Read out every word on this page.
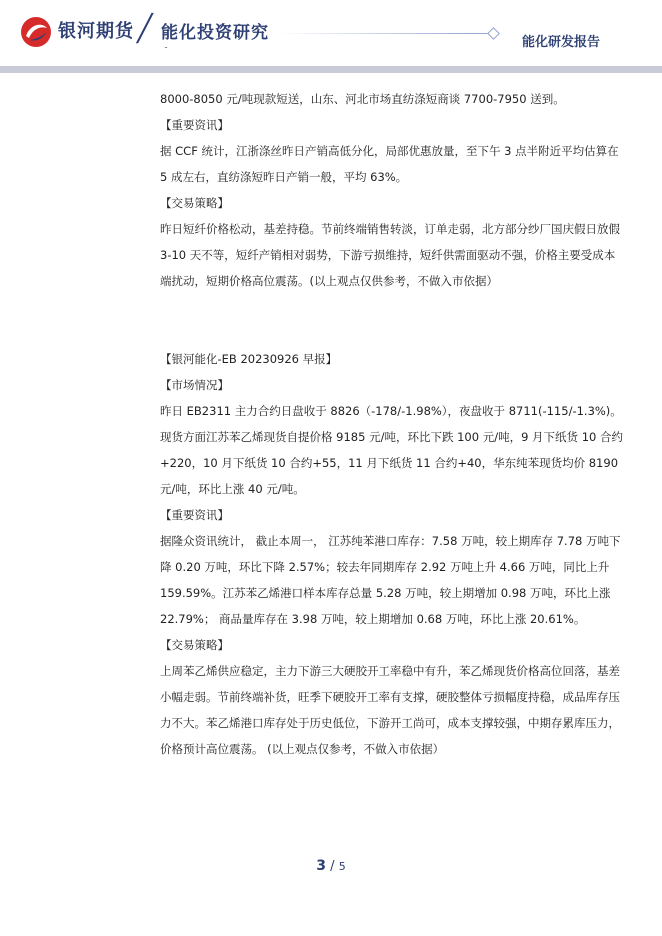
银河期货 ╱ 能化投资研究	能化研发报告
ˉ

8000-8050 元/吨现款短送，山东、河北市场直纺涤短商谈 7700-7950 送到。

【重要资讯】

据 CCF 统计，江浙涤丝昨日产销高低分化，局部优惠放量，至下午 3 点半附近平均估算在 5 成左右，直纺涤短昨日产销一般，平均 63%。

【交易策略】

昨日短纤价格松动，基差持稳。节前终端销售转淡，订单走弱，北方部分纱厂国庆假日放假 3-10 天不等，短纤产销相对弱势，下游亏损维持，短纤供需面驱动不强，价格主要受成本端扰动，短期价格高位震荡。(以上观点仅供参考，不做入市依据）

【银河能化-EB 20230926 早报】

【市场情况】

昨日 EB2311 主力合约日盘收于 8826（-178/-1.98%），夜盘收于 8711(-115/-1.3%)。现货方面江苏苯乙烯现货自提价格 9185 元/吨，环比下跌 100 元/吨，9 月下纸货 10 合约+220，10 月下纸货 10 合约+55，11 月下纸货 11 合约+40，华东纯苯现货均价 8190 元/吨，环比上涨 40 元/吨。

【重要资讯】

据隆众资讯统计， 截止本周一， 江苏纯苯港口库存：7.58 万吨，较上期库存 7.78 万吨下降 0.20 万吨，环比下降 2.57%；较去年同期库存 2.92 万吨上升 4.66 万吨，同比上升159.59%。江苏苯乙烯港口样本库存总量 5.28 万吨，较上期增加 0.98 万吨，环比上涨22.79%； 商品量库存在 3.98 万吨，较上期增加 0.68 万吨，环比上涨 20.61%。

【交易策略】

上周苯乙烯供应稳定，主力下游三大硬胶开工率稳中有升，苯乙烯现货价格高位回落，基差小幅走弱。节前终端补货，旺季下硬胶开工率有支撑，硬胶整体亏损幅度持稳，成品库存压力不大。苯乙烯港口库存处于历史低位，下游开工尚可，成本支撑较强，中期存累库压力，价格预计高位震荡。 (以上观点仅参考，不做入市依据）

3 / 5
